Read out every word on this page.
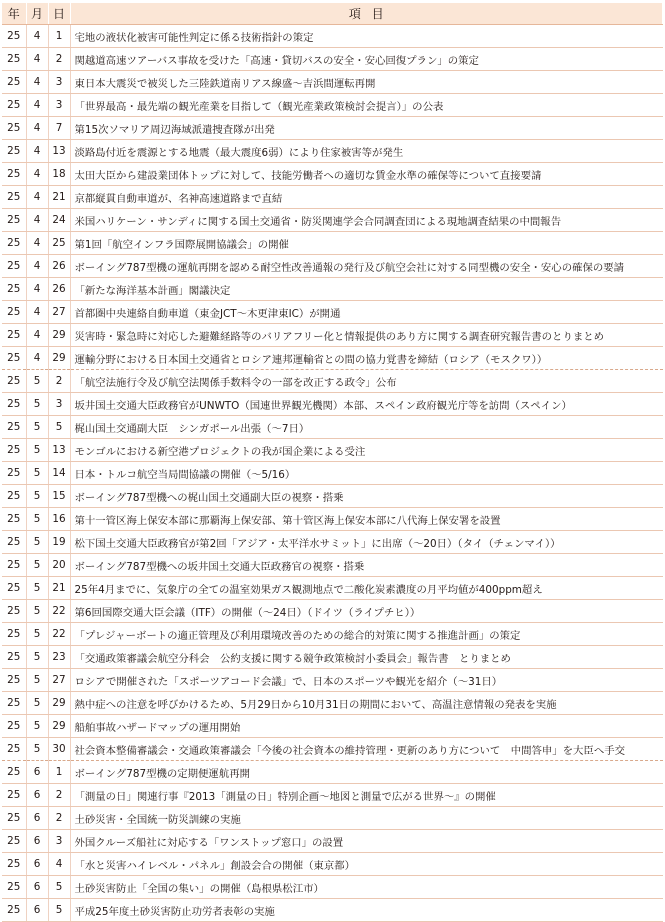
年	月	日	項目
25	4	1	宅地の液状化被害可能性判定に係る技術指針の策定
25	4	2	関越道高速ツアーバス事故を受けた「高速・貸切バスの安全・安心回復プラン」の策定
25	4	3	東日本大震災で被災した三陸鉄道南リアス線盛～吉浜間運転再開
25	4	3	「世界最高・最先端の観光産業を目指して（観光産業政策検討会提言）」の公表
25	4	7	第15次ソマリア周辺海域派遣捜査隊が出発
25	4	13	淡路島付近を震源とする地震（最大震度6弱）により住家被害等が発生
25	4	18	太田大臣から建設業団体トップに対して、技能労働者への適切な賃金水準の確保等について直接要請
25	4	21	京都縦貫自動車道が、名神高速道路まで直結
25	4	24	米国ハリケーン・サンディに関する国土交通省・防災関連学会合同調査団による現地調査結果の中間報告
25	4	25	第1回「航空インフラ国際展開協議会」の開催
25	4	26	ボーイング787型機の運航再開を認める耐空性改善通報の発行及び航空会社に対する同型機の安全・安心の確保の要請
25	4	26	「新たな海洋基本計画」閣議決定
25	4	27	首都圏中央連絡自動車道（東金JCT～木更津東IC）が開通
25	4	29	災害時・緊急時に対応した避難経路等のバリアフリー化と情報提供のあり方に関する調査研究報告書のとりまとめ
25	4	29	運輸分野における日本国土交通省とロシア連邦運輸省との間の協力覚書を締結（ロシア（モスクワ））
25	5	2	「航空法施行令及び航空法関係手数料令の一部を改正する政令」公布
25	5	3	坂井国土交通大臣政務官がUNWTO（国連世界観光機関）本部、スペイン政府観光庁等を訪問（スペイン）
25	5	5	梶山国土交通副大臣　シンガポール出張（～7日）
25	5	13	モンゴルにおける新空港プロジェクトの我が国企業による受注
25	5	14	日本・トルコ航空当局間協議の開催（～5/16）
25	5	15	ボーイング787型機への梶山国土交通副大臣の視察・搭乗
25	5	16	第十一管区海上保安本部に那覇海上保安部、第十管区海上保安本部に八代海上保安署を設置
25	5	19	松下国土交通大臣政務官が第2回「アジア・太平洋水サミット」に出席（～20日）（タイ（チェンマイ））
25	5	20	ボーイング787型機への坂井国土交通大臣政務官の視察・搭乗
25	5	21	25年4月までに、気象庁の全ての温室効果ガス観測地点で二酸化炭素濃度の月平均値が400ppm超え
25	5	22	第6回国際交通大臣会議（ITF）の開催（～24日）（ドイツ（ライプチヒ））
25	5	22	「プレジャーボートの適正管理及び利用環境改善のための総合的対策に関する推進計画」の策定
25	5	23	「交通政策審議会航空分科会　公約支援に関する競争政策検討小委員会」報告書　とりまとめ
25	5	27	ロシアで開催された「スポーツアコード会議」で、日本のスポーツや観光を紹介（～31日）
25	5	29	熱中症への注意を呼びかけるため、5月29日から10月31日の期間において、高温注意情報の発表を実施
25	5	29	船舶事故ハザードマップの運用開始
25	5	30	社会資本整備審議会・交通政策審議会「今後の社会資本の維持管理・更新のあり方について　中間答申」を大臣へ手交
25	6	1	ボーイング787型機の定期便運航再開
25	6	2	「測量の日」関連行事『2013「測量の日」特別企画～地図と測量で広がる世界～』の開催
25	6	2	土砂災害・全国統一防災訓練の実施
25	6	3	外国クルーズ船社に対応する「ワンストップ窓口」の設置
25	6	4	「水と災害ハイレベル・パネル」創設会合の開催（東京都）
25	6	5	土砂災害防止「全国の集い」の開催（島根県松江市）
25	6	5	平成25年度土砂災害防止功労者表彰の実施
